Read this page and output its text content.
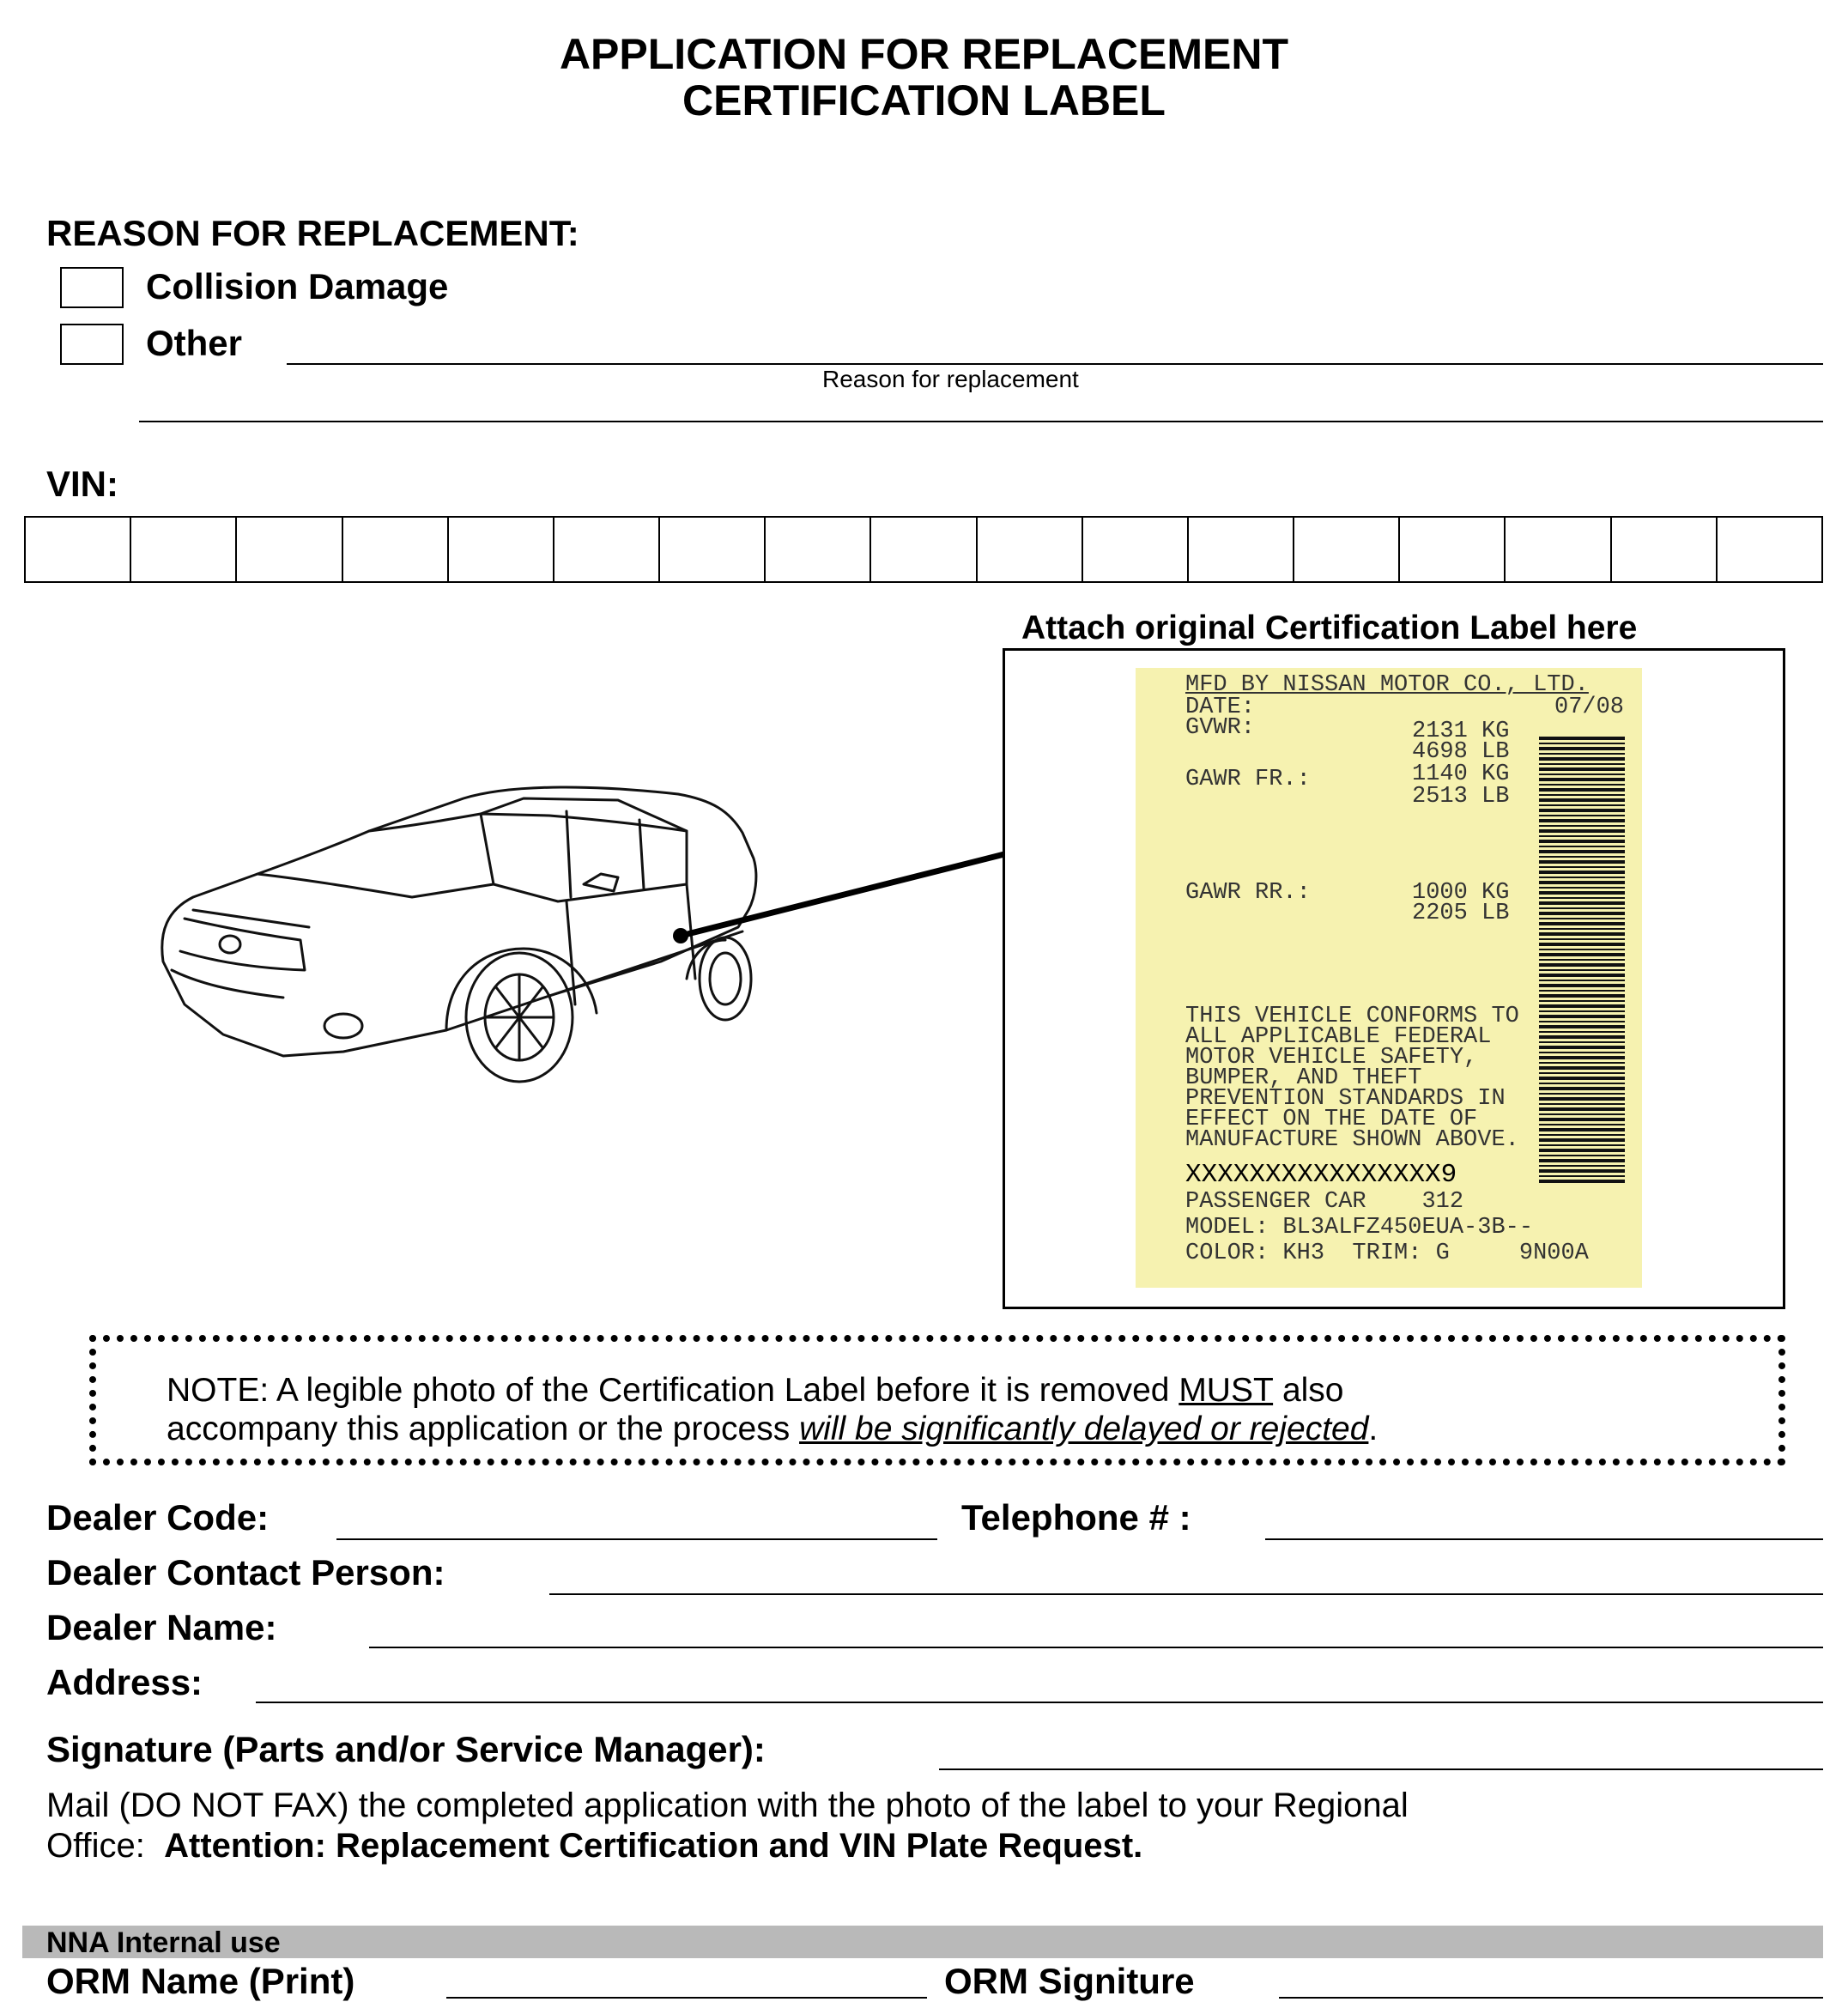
APPLICATION FOR REPLACEMENT
CERTIFICATION LABEL
REASON FOR REPLACEMENT:
Collision Damage
Other
Reason for replacement
VIN:
Attach original Certification Label here
MFD BY NISSAN MOTOR CO., LTD.
DATE:	07/08
GVWR:	2131 KG
4698 LB
GAWR FR.:	1140 KG
2513 LB
GAWR RR.:	1000 KG
2205 LB
THIS VEHICLE CONFORMS TO
ALL APPLICABLE FEDERAL
MOTOR VEHICLE SAFETY,
BUMPER, AND THEFT
PREVENTION STANDARDS IN
EFFECT ON THE DATE OF
MANUFACTURE SHOWN ABOVE.
XXXXXXXXXXXXXXXX9
PASSENGER CAR    312
MODEL: BL3ALFZ450EUA-3B--
COLOR: KH3  TRIM: G     9N00A
NOTE: A legible photo of the Certification Label before it is removed MUST also
accompany this application or the process will be significantly delayed or rejected.
Dealer Code:	Telephone # :
Dealer Contact Person:
Dealer Name:
Address:
Signature (Parts and/or Service Manager):
Mail (DO NOT FAX) the completed application with the photo of the label to your Regional
Office: Attention: Replacement Certification and VIN Plate Request.
NNA Internal use
ORM Name (Print)	ORM Signiture
